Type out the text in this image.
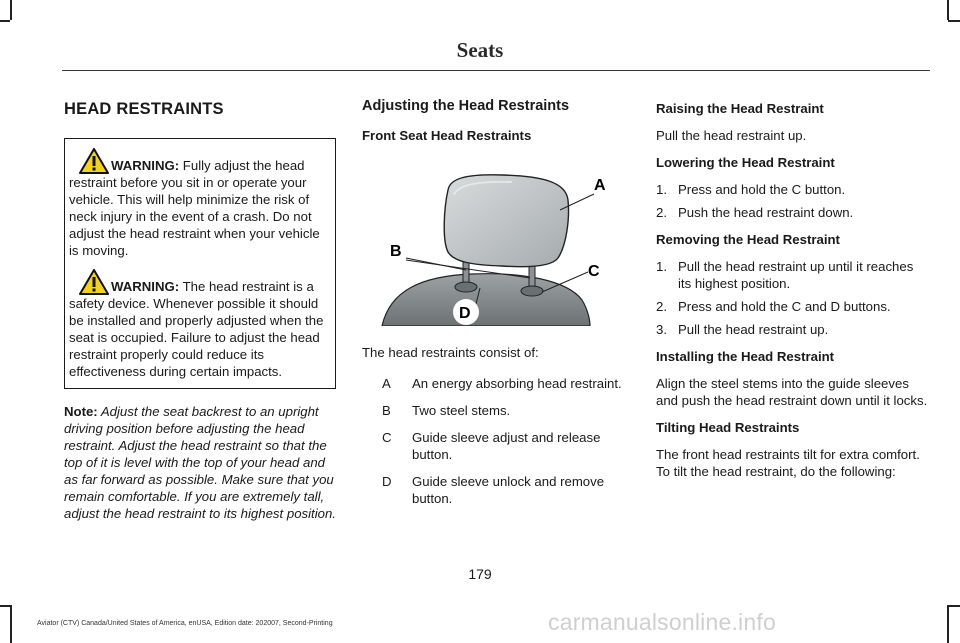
Seats
HEAD RESTRAINTS

WARNING: Fully adjust the head restraint before you sit in or operate your vehicle. This will help minimize the risk of neck injury in the event of a crash. Do not adjust the head restraint when your vehicle is moving.

WARNING: The head restraint is a safety device. Whenever possible it should be installed and properly adjusted when the seat is occupied. Failure to adjust the head restraint properly could reduce its effectiveness during certain impacts.

Note: Adjust the seat backrest to an upright driving position before adjusting the head restraint. Adjust the head restraint so that the top of it is level with the top of your head and as far forward as possible. Make sure that you remain comfortable. If you are extremely tall, adjust the head restraint to its highest position.

Adjusting the Head Restraints
Front Seat Head Restraints
A
B
C
D

The head restraints consist of:

A	An energy absorbing head restraint.
B	Two steel stems.
C	Guide sleeve adjust and release button.
D	Guide sleeve unlock and remove button.
Raising the Head Restraint

Pull the head restraint up.

Lowering the Head Restraint
1. Press and hold the C button.
2. Push the head restraint down.
Removing the Head Restraint
1. Pull the head restraint up until it reaches its highest position.
2. Press and hold the C and D buttons.
3. Pull the head restraint up.
Installing the Head Restraint

Align the steel stems into the guide sleeves and push the head restraint down until it locks.

Tilting Head Restraints

The front head restraints tilt for extra comfort. To tilt the head restraint, do the following:

179
Aviator (CTV) Canada/United States of America, enUSA, Edition date: 202007, Second-Printing	carmanualsonline.info
